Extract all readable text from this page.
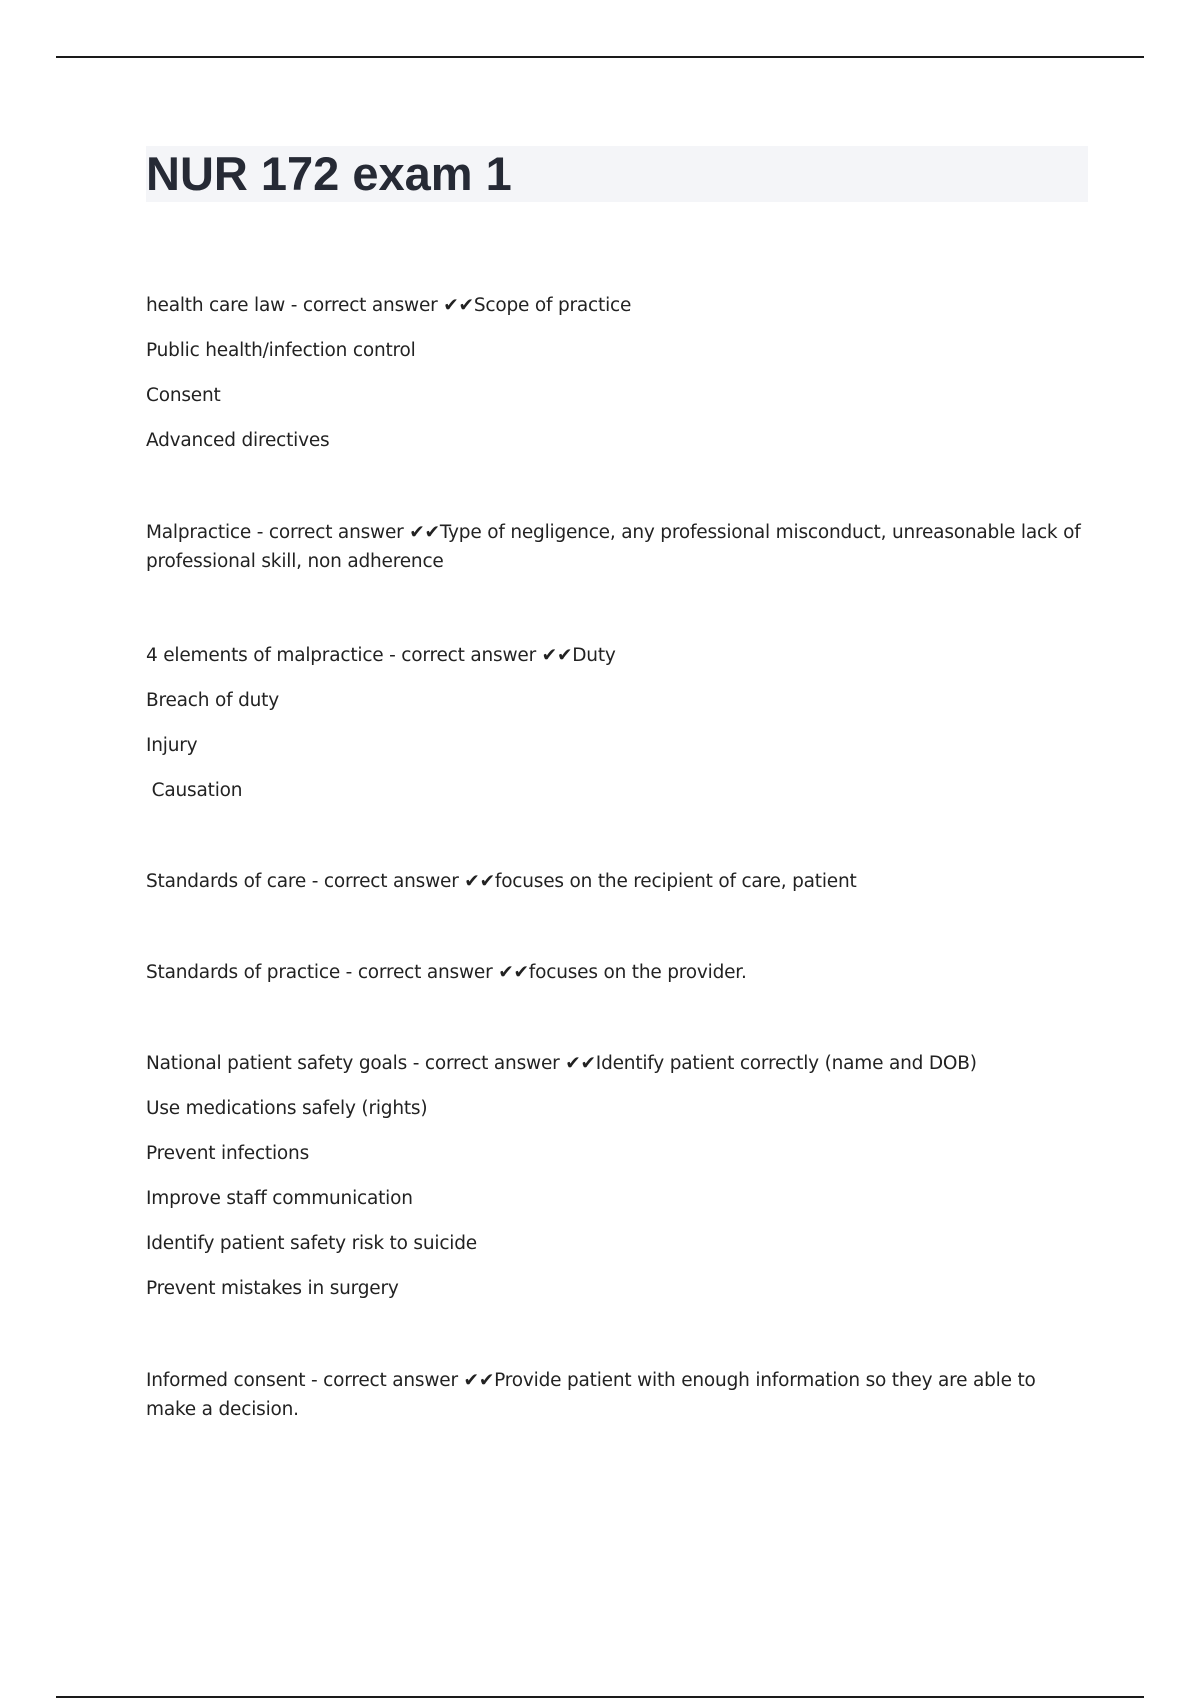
NUR 172 exam 1
health care law - correct answer ✔✔Scope of practice
Public health/infection control
Consent
Advanced directives
Malpractice - correct answer ✔✔Type of negligence, any professional misconduct, unreasonable lack of professional skill, non adherence
4 elements of malpractice - correct answer ✔✔Duty
Breach of duty
Injury
Causation
Standards of care - correct answer ✔✔focuses on the recipient of care, patient
Standards of practice - correct answer ✔✔focuses on the provider.
National patient safety goals - correct answer ✔✔Identify patient correctly (name and DOB)
Use medications safely (rights)
Prevent infections
Improve staff communication
Identify patient safety risk to suicide
Prevent mistakes in surgery
Informed consent - correct answer ✔✔Provide patient with enough information so they are able to make a decision.
